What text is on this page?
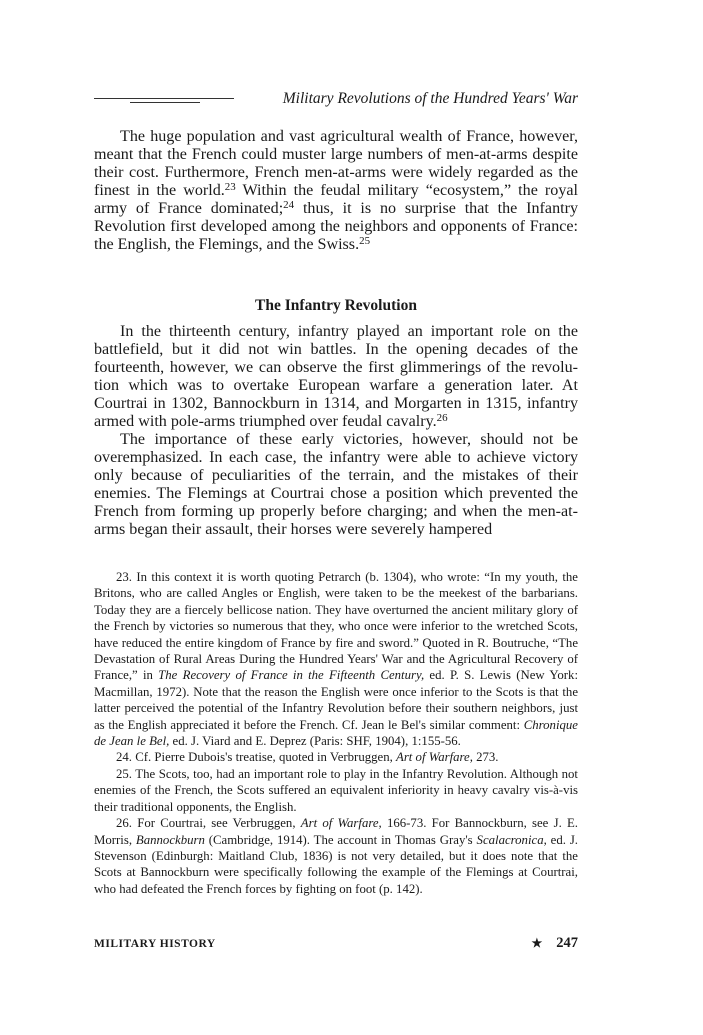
Military Revolutions of the Hundred Years' War

The huge population and vast agricultural wealth of France, however, meant that the French could muster large numbers of men-at-arms despite their cost. Furthermore, French men-at-arms were widely regarded as the finest in the world.$^{23}$ Within the feudal military “ecosystem,” the royal army of France dominated;$^{24}$ thus, it is no surprise that the Infantry Revolution first developed among the neighbors and opponents of France: the English, the Flemings, and the Swiss.$^{25}$

The Infantry Revolution

In the thirteenth century, infantry played an important role on the battlefield, but it did not win battles. In the opening decades of the fourteenth, however, we can observe the first glimmerings of the revolution which was to overtake European warfare a generation later. At Courtrai in 1302, Bannockburn in 1314, and Morgarten in 1315, infantry armed with pole-arms triumphed over feudal cavalry.$^{26}$

The importance of these early victories, however, should not be overemphasized. In each case, the infantry were able to achieve victory only because of peculiarities of the terrain, and the mistakes of their enemies. The Flemings at Courtrai chose a position which prevented the French from forming up properly before charging; and when the men-at-arms began their assault, their horses were severely hampered

23. In this context it is worth quoting Petrarch (b. 1304), who wrote: “In my youth, the Britons, who are called Angles or English, were taken to be the meekest of the barbarians. Today they are a fiercely bellicose nation. They have overturned the ancient military glory of the French by victories so numerous that they, who once were inferior to the wretched Scots, have reduced the entire kingdom of France by fire and sword.” Quoted in R. Boutruche, “The Devastation of Rural Areas During the Hundred Years' War and the Agricultural Recovery of France,” in The Recovery of France in the Fifteenth Century, ed. P. S. Lewis (New York: Macmillan, 1972). Note that the reason the English were once inferior to the Scots is that the latter perceived the potential of the Infantry Revolution before their southern neighbors, just as the English appreciated it before the French. Cf. Jean le Bel's similar comment: Chronique de Jean le Bel, ed. J. Viard and E. Deprez (Paris: SHF, 1904), 1:155-56.

24. Cf. Pierre Dubois's treatise, quoted in Verbruggen, Art of Warfare, 273.

25. The Scots, too, had an important role to play in the Infantry Revolution. Although not enemies of the French, the Scots suffered an equivalent inferiority in heavy cavalry vis-à-vis their traditional opponents, the English.

26. For Courtrai, see Verbruggen, Art of Warfare, 166-73. For Bannockburn, see J. E. Morris, Bannockburn (Cambridge, 1914). The account in Thomas Gray's Scalacronica, ed. J. Stevenson (Edinburgh: Maitland Club, 1836) is not very detailed, but it does note that the Scots at Bannockburn were specifically following the example of the Flemings at Courtrai, who had defeated the French forces by fighting on foot (p. 142).

MILITARY HISTORY	★ 247
